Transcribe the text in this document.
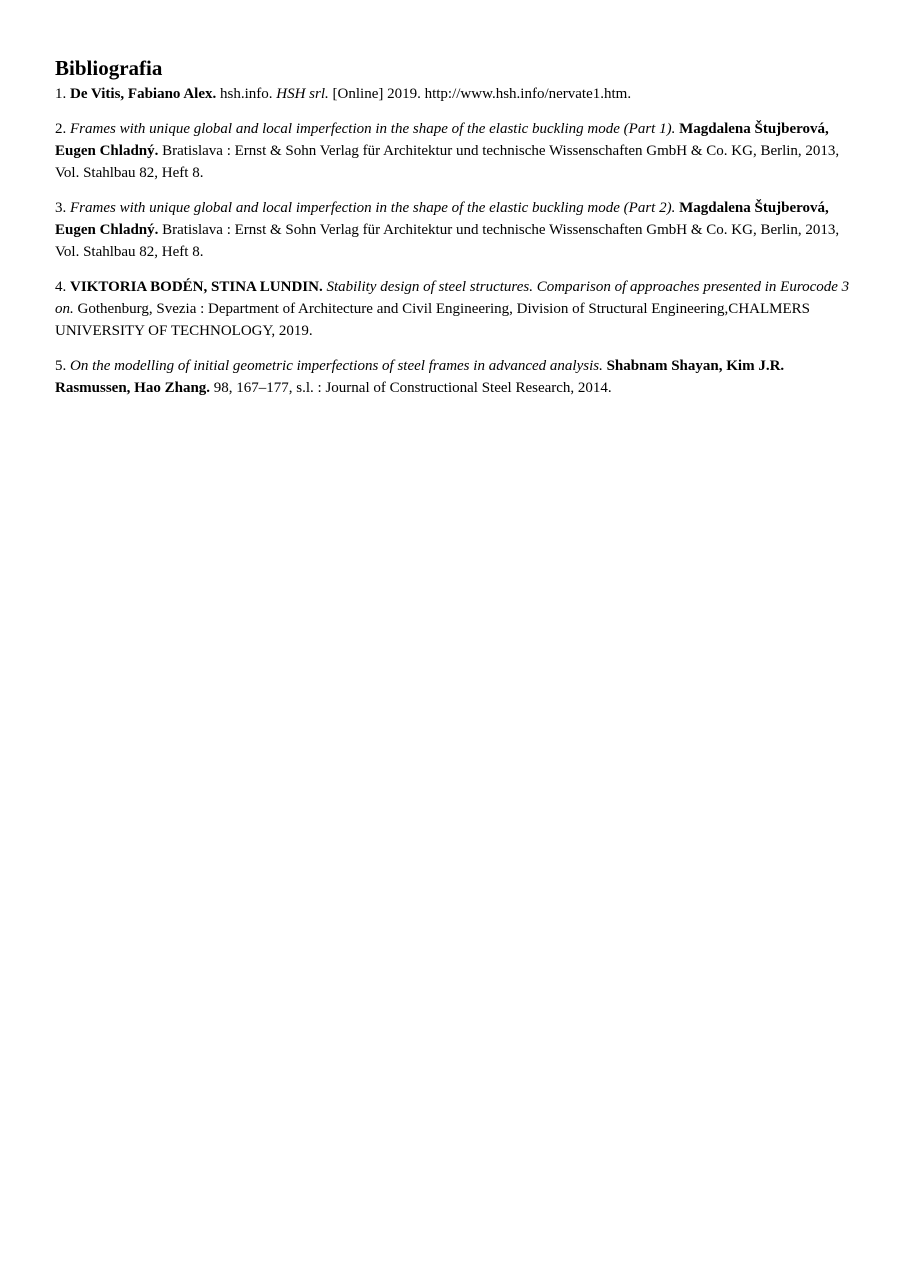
Bibliografia

1. De Vitis, Fabiano Alex. hsh.info. HSH srl. [Online] 2019. http://www.hsh.info/nervate1.htm.

2. Frames with unique global and local imperfection in the shape of the elastic buckling mode (Part 1). Magdalena Štujberová, Eugen Chladný. Bratislava : Ernst & Sohn Verlag für Architektur und technische Wissenschaften GmbH & Co. KG, Berlin, 2013, Vol. Stahlbau 82, Heft 8.

3. Frames with unique global and local imperfection in the shape of the elastic buckling mode (Part 2). Magdalena Štujberová, Eugen Chladný. Bratislava : Ernst & Sohn Verlag für Architektur und technische Wissenschaften GmbH & Co. KG, Berlin, 2013, Vol. Stahlbau 82, Heft 8.

4. VIKTORIA BODÉN, STINA LUNDIN. Stability design of steel structures. Comparison of approaches presented in Eurocode 3 on. Gothenburg, Svezia : Department of Architecture and Civil Engineering, Division of Structural Engineering,CHALMERS UNIVERSITY OF TECHNOLOGY, 2019.

5. On the modelling of initial geometric imperfections of steel frames in advanced analysis. Shabnam Shayan, Kim J.R. Rasmussen, Hao Zhang. 98, 167–177, s.l. : Journal of Constructional Steel Research, 2014.
